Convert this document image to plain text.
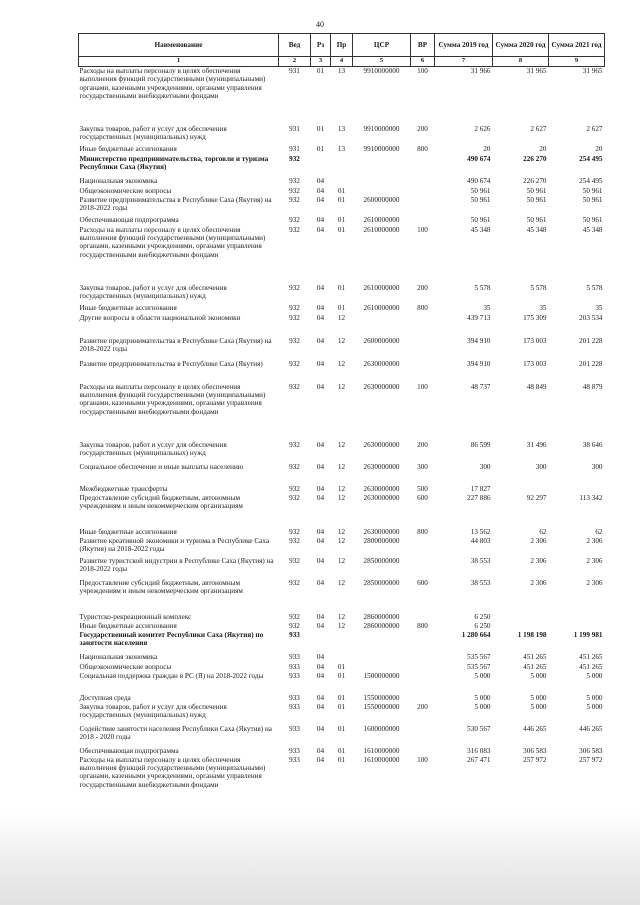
40
Наименование	Вед	Рз	Пр	ЦСР	ВР	Сумма 2019 год	Сумма 2020 год	Сумма 2021 год
1	2	3	4	5	6	7	8	9
Расходы на выплаты персоналу в целях обеспечения выполнения функций государственными (муниципальными) органами, казенными учреждениями, органами управления государственными внебюджетными фондами	931	01	13	9910000000	100	31 966	31 965	31 965
Закупка товаров, работ и услуг для обеспечения государственных (муниципальных) нужд	931	01	13	9910000000	200	2 626	2 627	2 627
Иные бюджетные ассигнования	931	01	13	9910000000	800	20	20	20
Министерство предпринимательства, торговли и туризма Республики Саха (Якутия)	932					490 674	226 270	254 495
Национальная экономика	932	04				490 674	226 270	254 495
Общеэкономические вопросы	932	04	01			50 961	50 961	50 961
Развитие предпринимательства в Республике Саха (Якутия) на 2018-2022 годы	932	04	01	2600000000		50 961	50 961	50 961
Обеспечивающая подпрограмма	932	04	01	2610000000		50 961	50 961	50 961
Расходы на выплаты персоналу в целях обеспечения выполнения функций государственными (муниципальными) органами, казенными учреждениями, органами управления государственными внебюджетными фондами	932	04	01	2610000000	100	45 348	45 348	45 348
Закупка товаров, работ и услуг для обеспечения государственных (муниципальных) нужд	932	04	01	2610000000	200	5 578	5 578	5 578
Иные бюджетные ассигнования	932	04	01	2610000000	800	35	35	35
Другие вопросы в области национальной экономики	932	04	12			439 713	175 309	203 534
Развитие предпринимательства в Республике Саха (Якутия) на 2018-2022 годы	932	04	12	2600000000		394 910	173 003	201 228
Развитие предпринимательства в Республике Саха (Якутия)	932	04	12	2630000000		394 910	173 003	201 228
Расходы на выплаты персоналу в целях обеспечения выполнения функций государственными (муниципальными) органами, казенными учреждениями, органами управления государственными внебюджетными фондами	932	04	12	2630000000	100	48 737	48 849	48 879
Закупка товаров, работ и услуг для обеспечения государственных (муниципальных) нужд	932	04	12	2630000000	200	86 599	31 496	38 646
Социальное обеспечение и иные выплаты населению	932	04	12	2630000000	300	300	300	300
Межбюджетные трансферты	932	04	12	2630000000	500	17 827		
Предоставление субсидий бюджетным, автономным учреждениям и иным некоммерческим организациям	932	04	12	2630000000	600	227 886	92 297	113 342
Иные бюджетные ассигнования	932	04	12	2630000000	800	13 562	62	62
Развитие креативной экономики и туризма в Республике Саха (Якутия) на 2018-2022 годы	932	04	12	2800000000		44 803	2 306	2 306
Развитие туристской индустрии в Республике Саха (Якутия) на 2018-2022 годы	932	04	12	2850000000		38 553	2 306	2 306
Предоставление субсидий бюджетным, автономным учреждениям и иным некоммерческим организациям	932	04	12	2850000000	600	38 553	2 306	2 306
Туристско-рекреационный комплекс	932	04	12	2860000000		6 250		
Иные бюджетные ассигнования	932	04	12	2860000000	800	6 250		
Государственный комитет Республики Саха (Якутия) по занятости населения	933					1 280 664	1 198 198	1 199 981
Национальная экономика	933	04				535 567	451 265	451 265
Общеэкономические вопросы	933	04	01			535 567	451 265	451 265
Социальная поддержка граждан в РС (Я) на 2018-2022 годы	933	04	01	1500000000		5 000	5 000	5 000
Доступная среда	933	04	01	1550000000		5 000	5 000	5 000
Закупка товаров, работ и услуг для обеспечения государственных (муниципальных) нужд	933	04	01	1550000000	200	5 000	5 000	5 000
Содействие занятости населения Республики Саха (Якутия) на 2018 - 2020 годы	933	04	01	1600000000		530 567	446 265	446 265
Обеспечивающая подпрограмма	933	04	01	1610000000		316 083	306 583	306 583
Расходы на выплаты персоналу в целях обеспечения выполнения функций государственными (муниципальными) органами, казенными учреждениями, органами управления государственными внебюджетными фондами	933	04	01	1610000000	100	267 471	257 972	257 972
